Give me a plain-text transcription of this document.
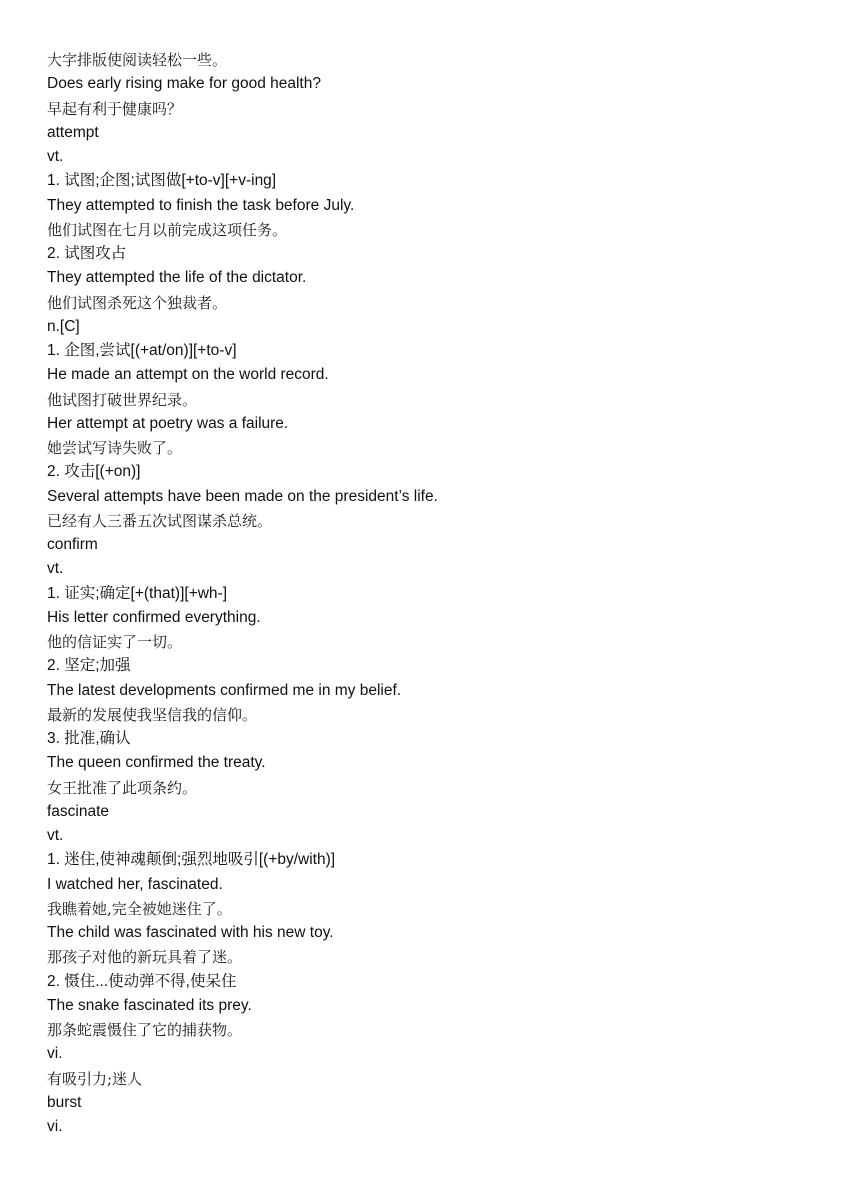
大字排版使阅读轻松一些。
Does early rising make for good health?
早起有利于健康吗？
attempt
vt.
1. 试图;企图;试图做[+to-v][+v-ing]
They attempted to finish the task before July.
他们试图在七月以前完成这项任务。
2. 试图攻占
They attempted the life of the dictator.
他们试图杀死这个独裁者。
n.[C]
1. 企图,尝试[(+at/on)][+to-v]
He made an attempt on the world record.
他试图打破世界纪录。
Her attempt at poetry was a failure.
她尝试写诗失败了。
2. 攻击[(+on)]
Several attempts have been made on the president’s life.
已经有人三番五次试图谋杀总统。
confirm
vt.
1. 证实;确定[+(that)][+wh-]
His letter confirmed everything.
他的信证实了一切。
2. 坚定;加强
The latest developments confirmed me in my belief.
最新的发展使我坚信我的信仰。
3. 批准,确认
The queen confirmed the treaty.
女王批准了此项条约。
fascinate
vt.
1. 迷住,使神魂颠倒;强烈地吸引[(+by/with)]
I watched her, fascinated.
我瞧着她,完全被她迷住了。
The child was fascinated with his new toy.
那孩子对他的新玩具着了迷。
2. 慑住...使动弹不得,使呆住
The snake fascinated its prey.
那条蛇震慑住了它的捕获物。
vi.
有吸引力;迷人
burst
vi.
